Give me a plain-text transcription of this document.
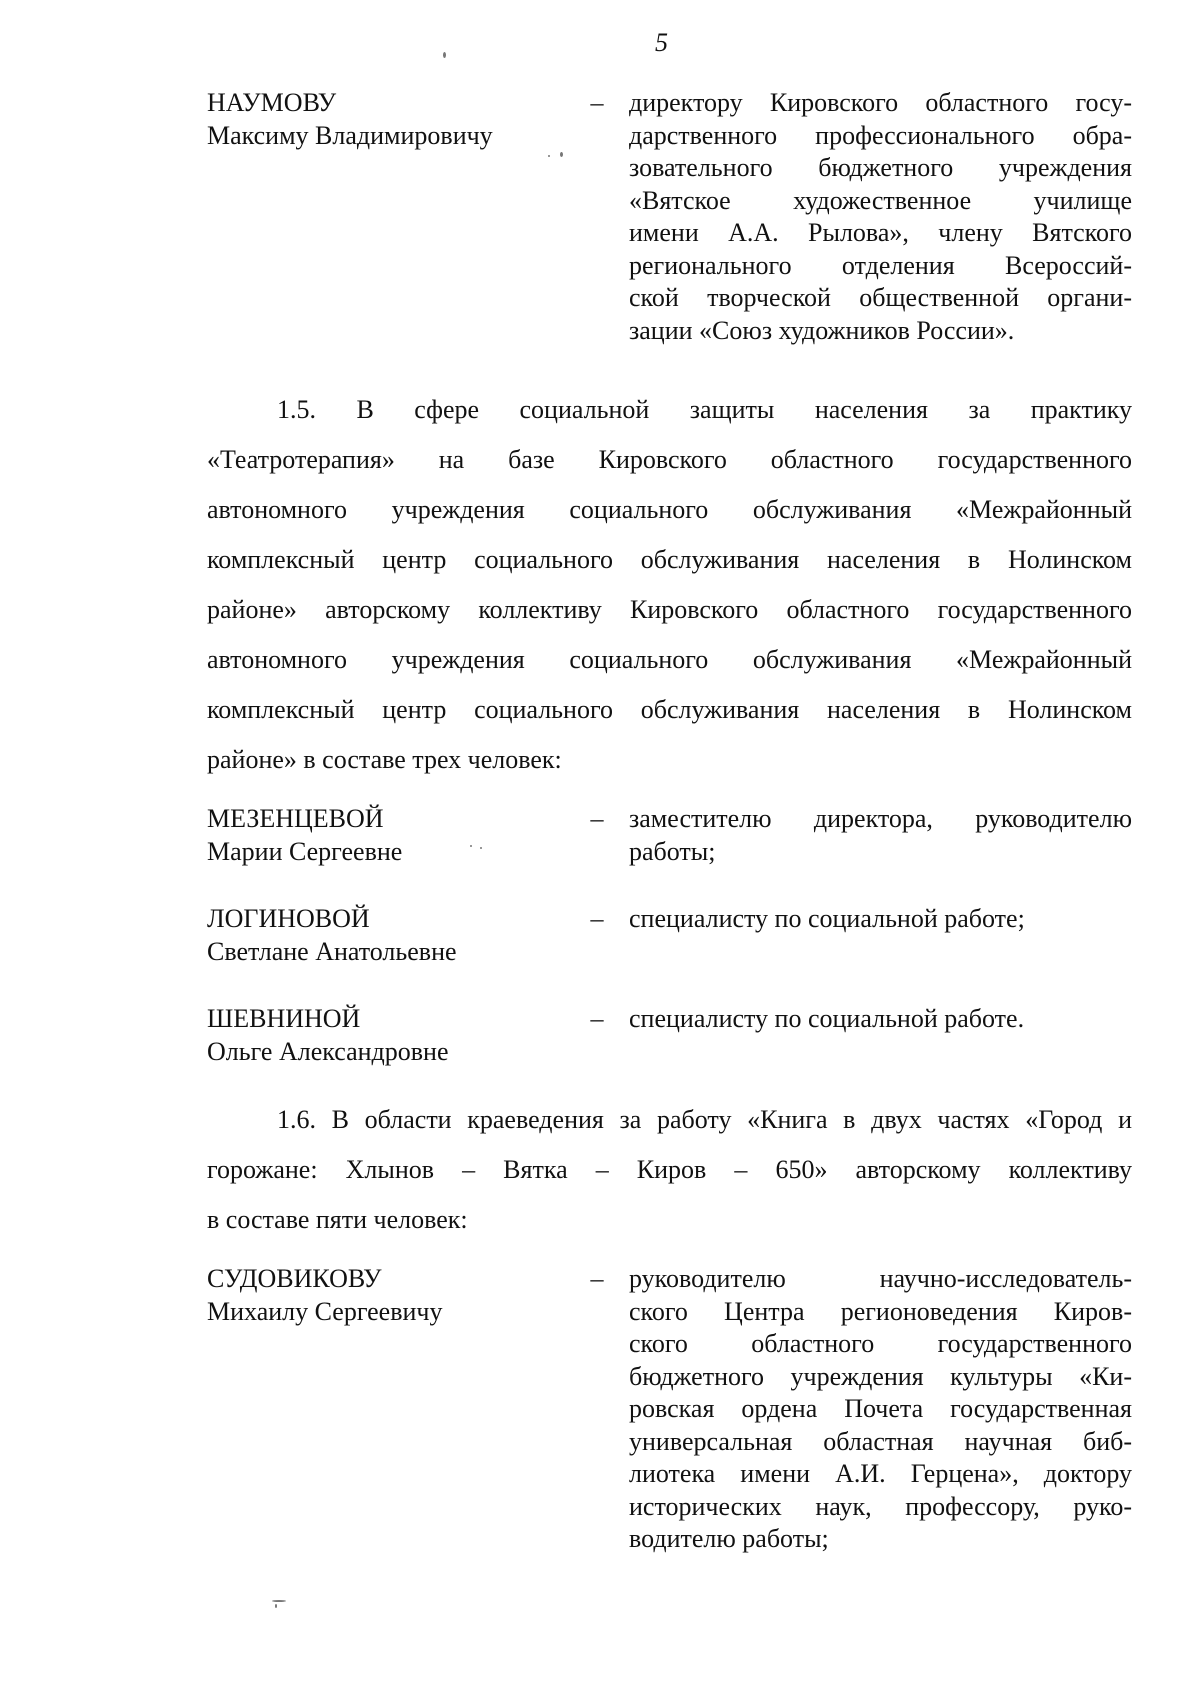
5
НАУМОВУ
Максиму Владимировичу
– директору Кировского областного госу-
дарственного профессионального обра-
зовательного бюджетного учреждения
«Вятское художественное училище
имени А.А. Рылова», члену Вятского
регионального отделения Всероссий-
ской творческой общественной органи-
зации «Союз художников России».
1.5. В сфере социальной защиты населения за практику
«Театротерапия» на базе Кировского областного государственного
автономного учреждения социального обслуживания «Межрайонный
комплексный центр социального обслуживания населения в Нолинском
районе» авторскому коллективу Кировского областного государственного
автономного учреждения социального обслуживания «Межрайонный
комплексный центр социального обслуживания населения в Нолинском
районе» в составе трех человек:
МЕЗЕНЦЕВОЙ
Марии Сергеевне
– заместителю директора, руководителю
работы;
ЛОГИНОВОЙ
Светлане Анатольевне
– специалисту по социальной работе;
ШЕВНИНОЙ
Ольге Александровне
– специалисту по социальной работе.
1.6. В области краеведения за работу «Книга в двух частях «Город и
горожане: Хлынов – Вятка – Киров – 650» авторскому коллективу
в составе пяти человек:
СУДОВИКОВУ
Михаилу Сергеевичу
– руководителю научно-исследователь-
ского Центра регионоведения Киров-
ского областного государственного
бюджетного учреждения культуры «Ки-
ровская ордена Почета государственная
универсальная областная научная биб-
лиотека имени А.И. Герцена», доктору
исторических наук, профессору, руко-
водителю работы;
